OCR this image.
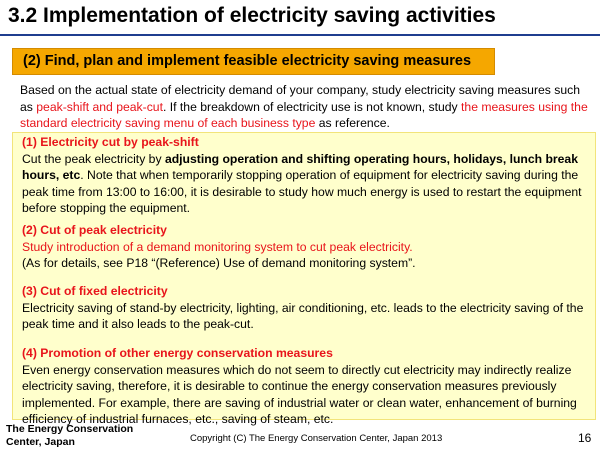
3.2 Implementation of electricity saving activities
(2) Find, plan and implement feasible electricity saving measures
Based on the actual state of electricity demand of your company, study electricity saving measures such as peak-shift and peak-cut. If the breakdown of electricity use is not known, study the measures using the standard electricity saving menu of each business type as reference.
(1) Electricity cut by peak-shift
Cut the peak electricity by adjusting operation and shifting operating hours, holidays, lunch break hours, etc. Note that when temporarily stopping operation of equipment for electricity saving during the peak time from 13:00 to 16:00, it is desirable to study how much energy is used to restart the equipment before stopping the equipment.
(2) Cut of peak electricity
Study introduction of a demand monitoring system to cut peak electricity.
(As for details, see P18 “(Reference) Use of demand monitoring system”.
(3) Cut of fixed electricity
Electricity saving of stand-by electricity, lighting, air conditioning, etc. leads to the electricity saving of the peak time and it also leads to the peak-cut.
(4) Promotion of other energy conservation measures
Even energy conservation measures which do not seem to directly cut electricity may indirectly realize electricity saving, therefore, it is desirable to continue the energy conservation measures previously implemented. For example, there are saving of industrial water or clean water, enhancement of burning efficiency of industrial furnaces, etc., saving of steam, etc.
The Energy Conservation
Center, Japan	Copyright (C) The Energy Conservation Center, Japan 2013	16
